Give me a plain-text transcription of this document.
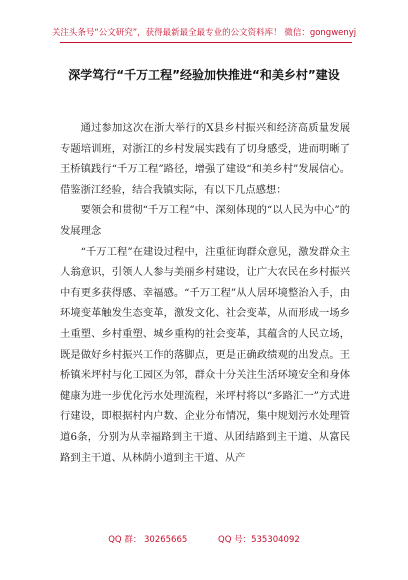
关注头条号“公文研究”，获得最新最全最专业的公文资料库！ 微信：gongwenyj
深学笃行“千万工程”经验加快推进“和美乡村”建设

通过参加这次在浙大举行的X县乡村振兴和经济高质量发展专题培训班，对浙江的乡村发展实践有了切身感受，进而明晰了王桥镇践行“千万工程”路径，增强了建设“和美乡村”发展信心。借鉴浙江经验，结合我镇实际，有以下几点感想：

要领会和贯彻“千万工程”中、深刻体现的“以人民为中心”的发展理念

“千万工程”在建设过程中，注重征询群众意见，激发群众主人翁意识，引领人人参与美丽乡村建设，让广大农民在乡村振兴中有更多获得感、幸福感。“千万工程”从人居环境整治入手，由环境变革触发生态变革，激发文化、社会变革，从而形成一场乡土重塑、乡村重塑、城乡重构的社会变革，其蕴含的人民立场，既是做好乡村振兴工作的落脚点，更是正确政绩观的出发点。王桥镇米坪村与化工园区为邻，群众十分关注生活环境安全和身体健康为进一步优化污水处理流程，米坪村将以“多路汇一”方式进行建设，即根据村内户数、企业分布情况，集中规划污水处理管道6条，分别为从幸福路到主干道、从团结路到主干道、从富民路到主干道、从林荫小道到主干道、从产

QQ 群： 30265665	QQ 号：535304092
